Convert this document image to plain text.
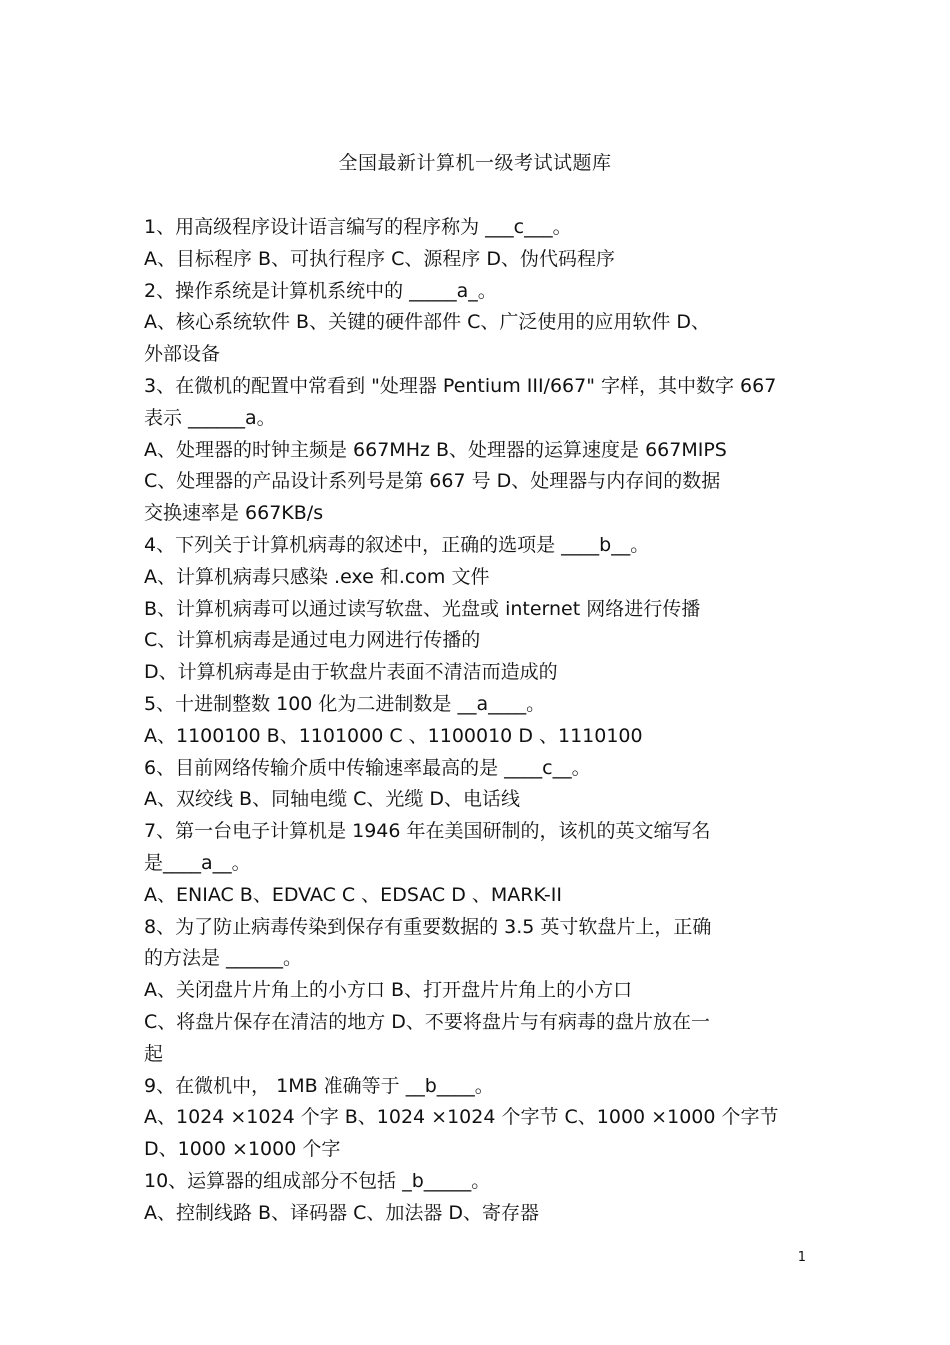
全国最新计算机一级考试试题库
1、用高级程序设计语言编写的程序称为 ___c___。
A、目标程序 B、可执行程序 C、源程序 D、伪代码程序
2、操作系统是计算机系统中的 _____a_。
A、核心系统软件 B、关键的硬件部件 C、广泛使用的应用软件 D、
外部设备
3、在微机的配置中常看到 "处理器 Pentium III/667" 字样，其中数字 667
表示 ______a。
A、处理器的时钟主频是 667MHz B、处理器的运算速度是 667MIPS
C、处理器的产品设计系列号是第 667 号 D、处理器与内存间的数据
交换速率是 667KB/s
4、下列关于计算机病毒的叙述中，正确的选项是 ____b__。
A、计算机病毒只感染 .exe 和.com 文件
B、计算机病毒可以通过读写软盘、光盘或 internet 网络进行传播
C、计算机病毒是通过电力网进行传播的
D、计算机病毒是由于软盘片表面不清洁而造成的
5、十进制整数 100 化为二进制数是 __a____。
A、1100100 B、1101000 C 、1100010 D 、1110100
6、目前网络传输介质中传输速率最高的是 ____c__。
A、双绞线 B、同轴电缆 C、光缆 D、电话线
7、第一台电子计算机是 1946 年在美国研制的，该机的英文缩写名
是____a__。
A、ENIAC B、EDVAC C 、EDSAC D 、MARK-II
8、为了防止病毒传染到保存有重要数据的 3.5 英寸软盘片上，正确
的方法是 ______。
A、关闭盘片片角上的小方口 B、打开盘片片角上的小方口
C、将盘片保存在清洁的地方 D、不要将盘片与有病毒的盘片放在一
起
9、在微机中， 1MB 准确等于 __b____。
A、1024 ×1024 个字 B、1024 ×1024 个字节 C、1000 ×1000 个字节
D、1000 ×1000 个字
10、运算器的组成部分不包括 _b_____。
A、控制线路 B、译码器 C、加法器 D、寄存器
1
